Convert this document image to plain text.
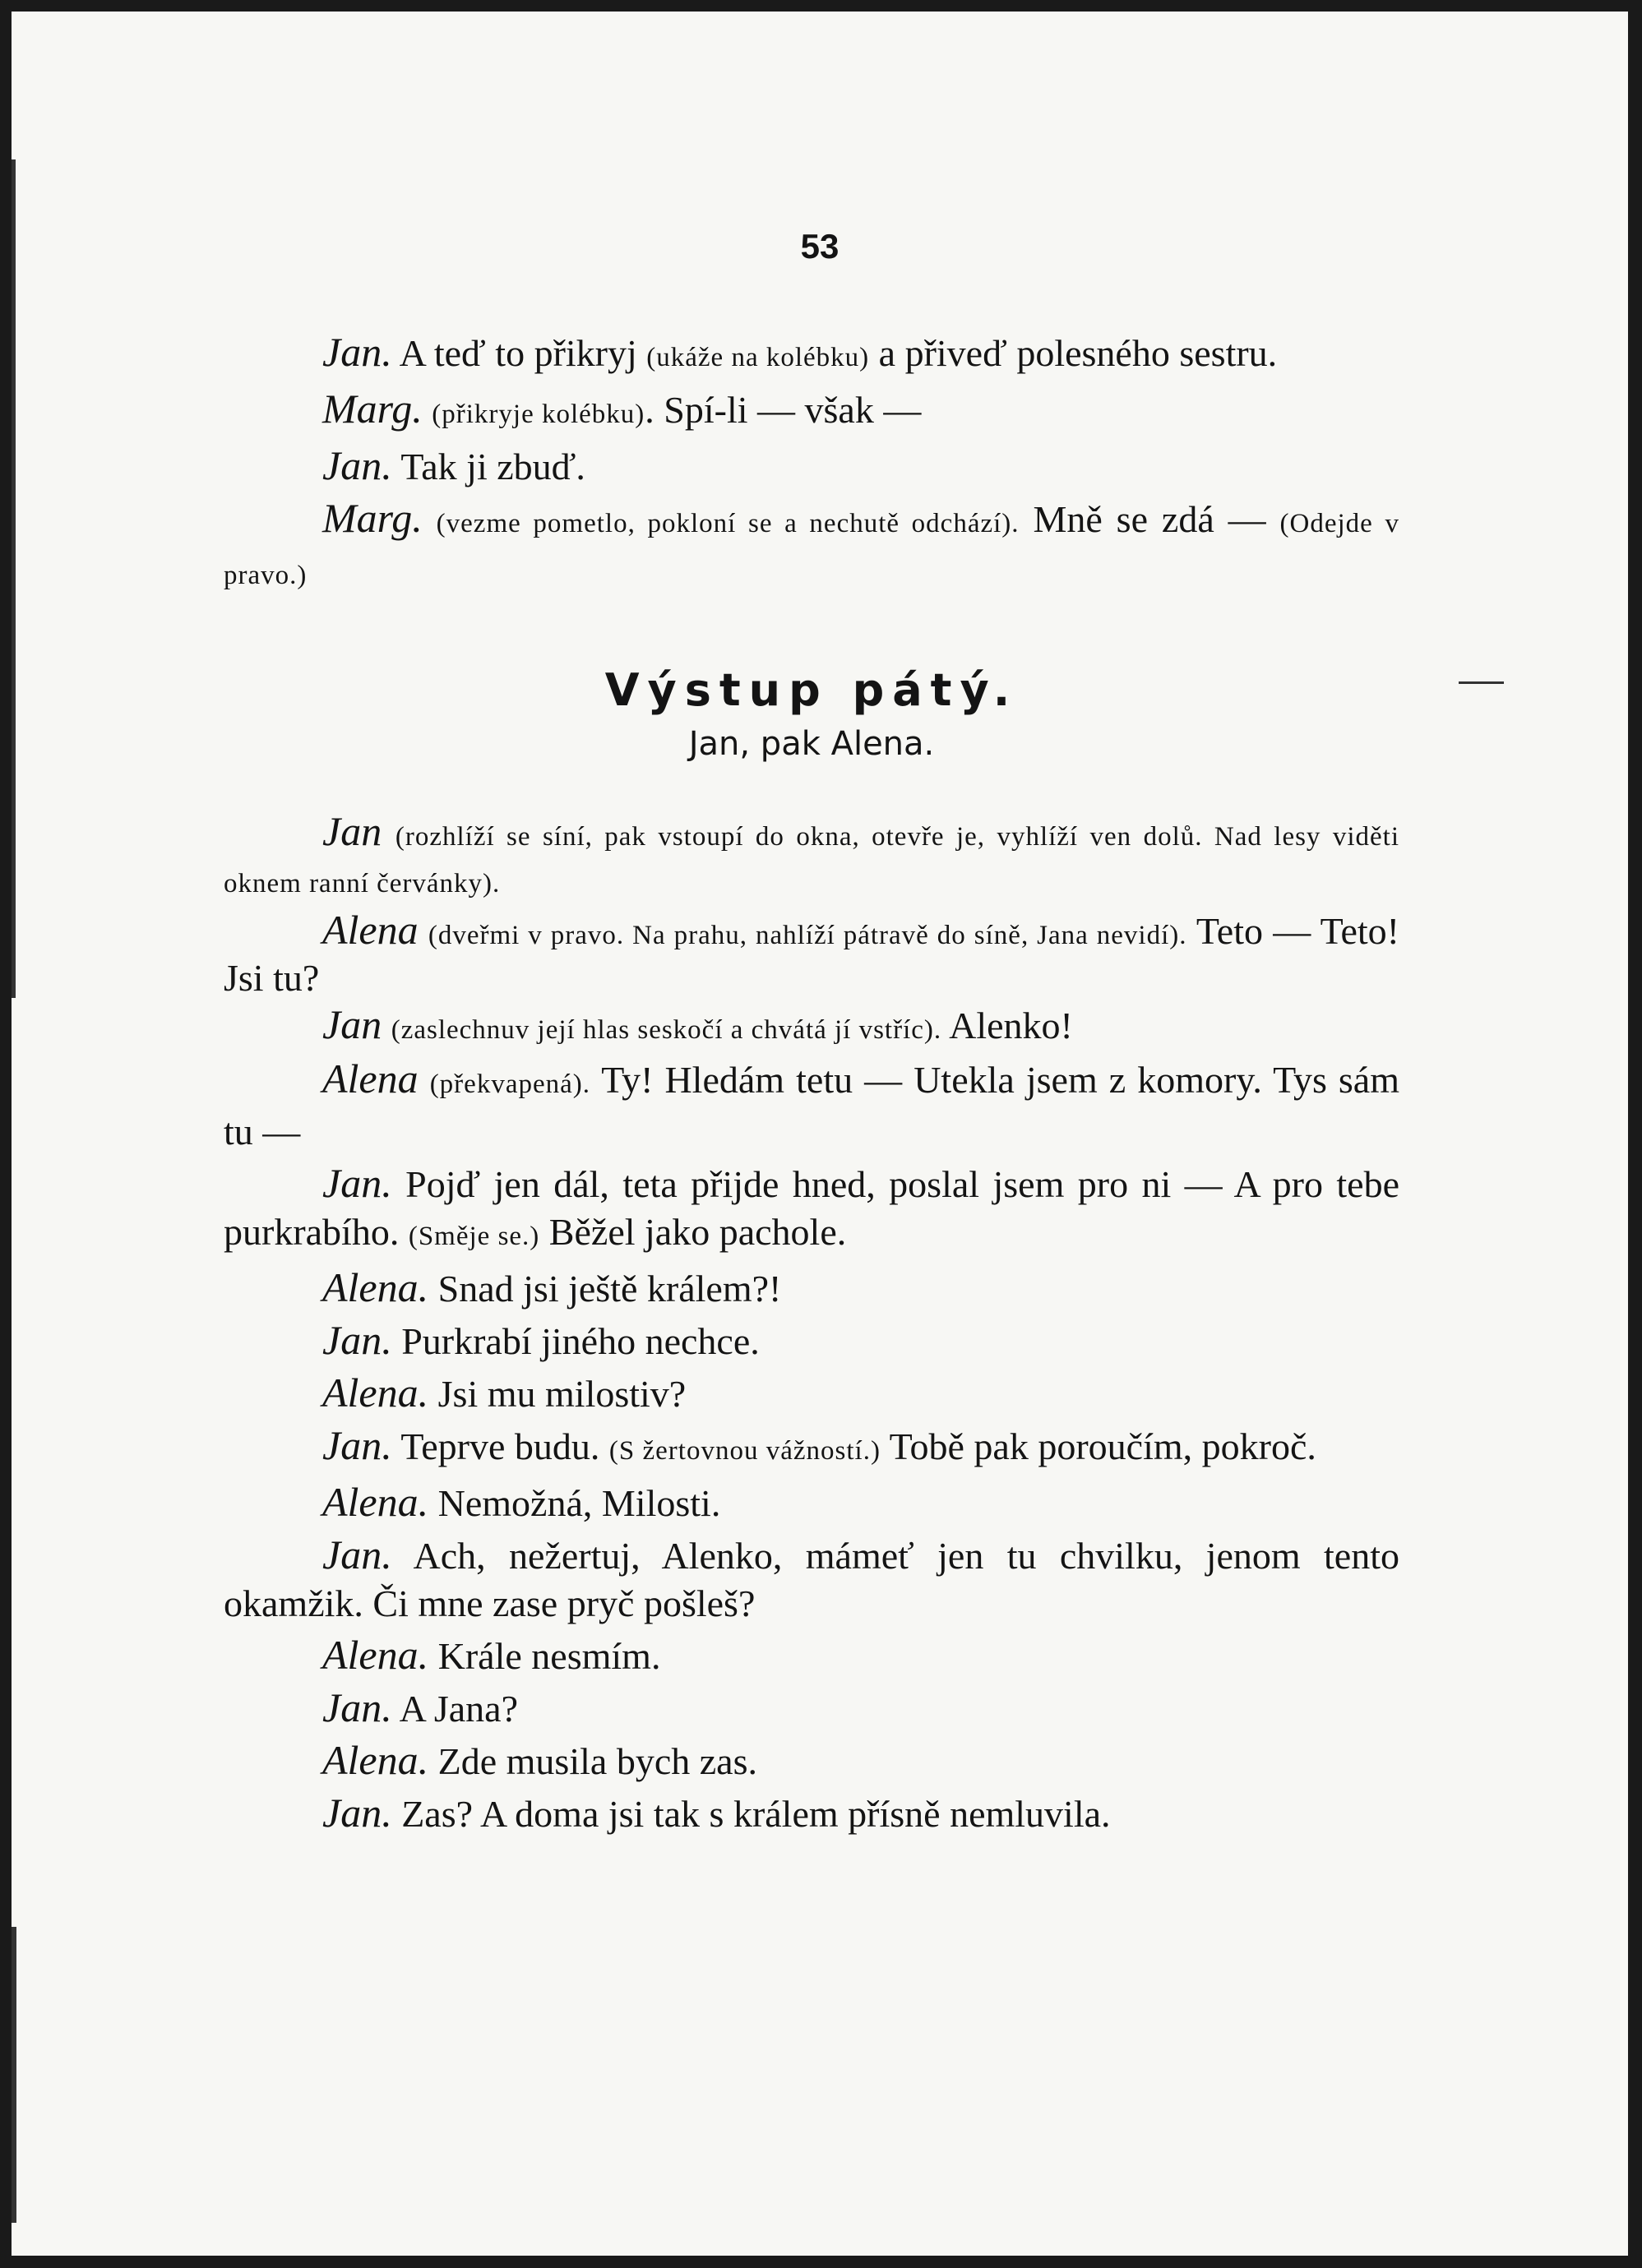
53

Jan. A teď to přikryj (ukáže na kolébku) a přiveď polesného sestru.

Marg. (přikryje kolébku). Spí-li — však —

Jan. Tak ji zbuď.

Marg. (vezme pometlo, pokloní se a nechutě odchází). Mně se zdá — (Odejde v pravo.)

Výstup pátý.
Jan, pak Alena.

Jan (rozhlíží se síní, pak vstoupí do okna, otevře je, vyhlíží ven dolů. Nad lesy viděti oknem ranní červánky).

Alena (dveřmi v pravo. Na prahu, nahlíží pátravě do síně, Jana nevidí). Teto — Teto! Jsi tu?

Jan (zaslechnuv její hlas seskočí a chvátá jí vstříc). Alenko!

Alena (překvapená). Ty! Hledám tetu — Utekla jsem z komory. Tys sám tu —

Jan. Pojď jen dál, teta přijde hned, poslal jsem pro ni — A pro tebe purkrabího. (Směje se.) Běžel jako pachole.

Alena. Snad jsi ještě králem?!

Jan. Purkrabí jiného nechce.

Alena. Jsi mu milostiv?

Jan. Teprve budu. (S žertovnou vážností.) Tobě pak poroučím, pokroč.

Alena. Nemožná, Milosti.

Jan. Ach, nežertuj, Alenko, mámeť jen tu chvilku, jenom tento okamžik. Či mne zase pryč pošleš?

Alena. Krále nesmím.

Jan. A Jana?

Alena. Zde musila bych zas.

Jan. Zas? A doma jsi tak s králem přísně nemluvila.
